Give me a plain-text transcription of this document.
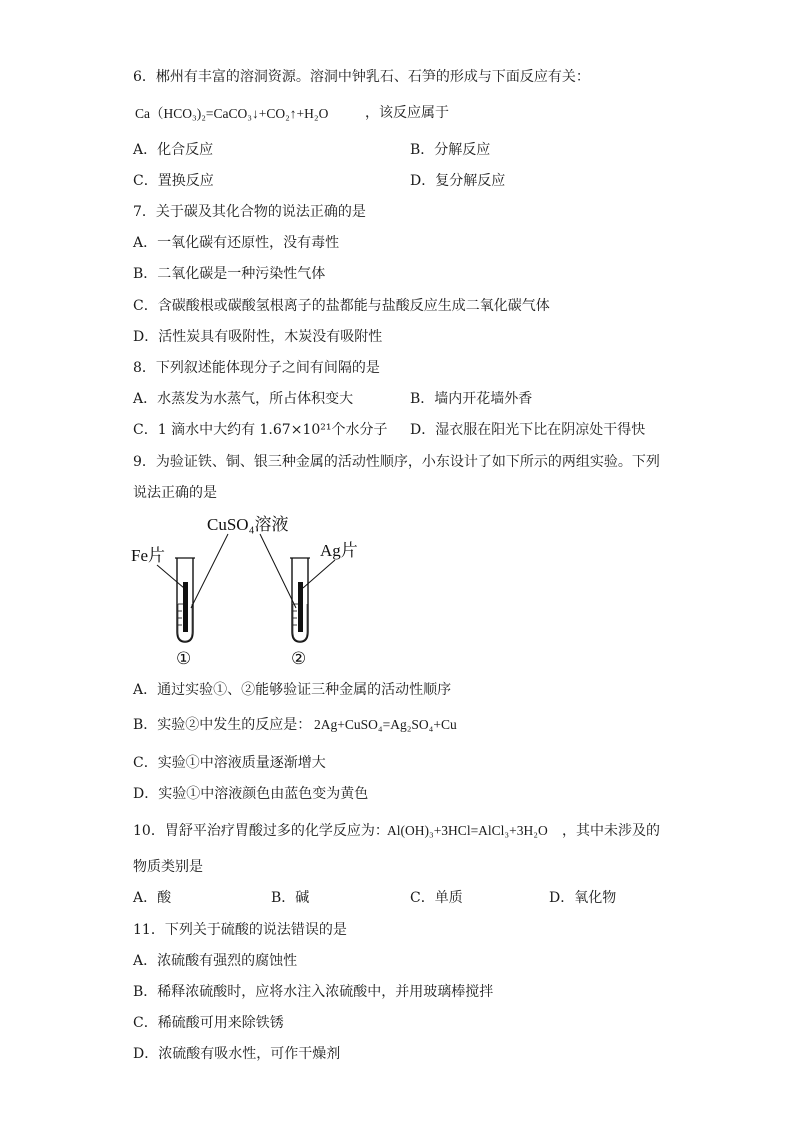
6．郴州有丰富的溶洞资源。溶洞中钟乳石、石笋的形成与下面反应有关：
Ca（HCO₃)₂=CaCO₃↓+CO₂↑+H₂O	，该反应属于
A．化合反应	B．分解反应
C．置换反应	D．复分解反应
7．关于碳及其化合物的说法正确的是
A．一氧化碳有还原性，没有毒性
B．二氧化碳是一种污染性气体
C．含碳酸根或碳酸氢根离子的盐都能与盐酸反应生成二氧化碳气体
D．活性炭具有吸附性，木炭没有吸附性
8．下列叙述能体现分子之间有间隔的是
A．水蒸发为水蒸气，所占体积变大	B．墙内开花墙外香
C．1 滴水中大约有 1.67×10²¹个水分子 D．湿衣服在阳光下比在阴凉处干得快
9．为验证铁、铜、银三种金属的活动性顺序，小东设计了如下所示的两组实验。下列
说法正确的是
CuSO₄溶液
Fe片	Ag片
①	②
A．通过实验①、②能够验证三种金属的活动性顺序
B．实验②中发生的反应是： 2Ag+CuSO₄=Ag₂SO₄+Cu
C．实验①中溶液质量逐渐增大
D．实验①中溶液颜色由蓝色变为黄色
10．胃舒平治疗胃酸过多的化学反应为：
Al(OH)₃+3HCl=AlCl₃+3H₂O ，其中未涉及的
物质类别是
A．酸	B．碱	C．单质	D．氧化物
11．下列关于硫酸的说法错误的是
A．浓硫酸有强烈的腐蚀性
B．稀释浓硫酸时，应将水注入浓硫酸中，并用玻璃棒搅拌
C．稀硫酸可用来除铁锈
D．浓硫酸有吸水性，可作干燥剂
